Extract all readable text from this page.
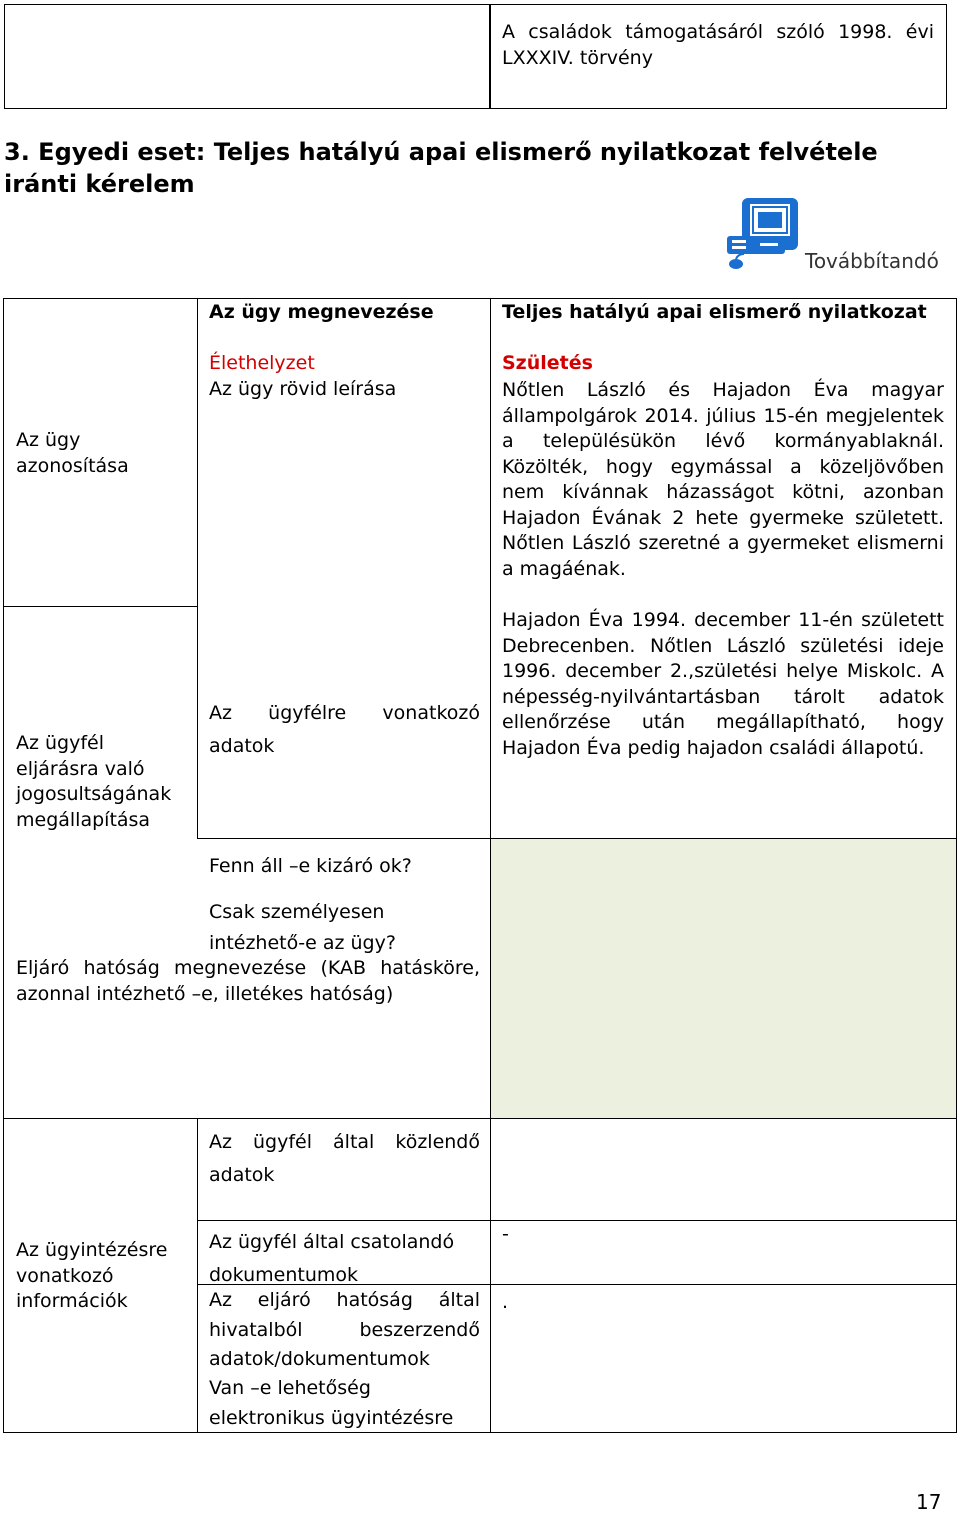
A családok támogatásáról szóló 1998. évi LXXXIV. törvény
3. Egyedi eset: Teljes hatályú apai elismerő nyilatkozat felvétele iránti kérelem
Továbbítandó
Az ügy azonosítása
Az ügyfél eljárásra való jogosultságának megállapítása
Az ügyintézésre vonatkozó információk
Az ügy megnevezése
Élethelyzet
Az ügy rövid leírása
Az ügyfélre vonatkozó adatok
Fenn áll –e kizáró ok?
Csak személyesen intézhető-e az ügy?
Eljáró hatóság megnevezése (KAB hatásköre, azonnal intézhető –e, illetékes hatóság)
Az ügyfél által közlendő adatok
Az ügyfél által csatolandó dokumentumok
Az eljáró hatóság által hivatalból beszerzendő adatok/dokumentumok
Van –e lehetőség elektronikus ügyintézésre
Teljes hatályú apai elismerő nyilatkozat
Születés
Nőtlen László és Hajadon Éva magyar állampolgárok 2014. július 15-én megjelentek a településükön lévő kormányablaknál. Közölték, hogy egymással a közeljövőben nem kívánnak házasságot kötni, azonban Hajadon Évának 2 hete gyermeke született. Nőtlen László szeretné a gyermeket elismerni a magáénak.
Hajadon Éva 1994. december 11-én született Debrecenben. Nőtlen László születési ideje 1996. december 2.,születési helye Miskolc. A népesség-nyilvántartásban tárolt adatok ellenőrzése után megállapítható, hogy Hajadon Éva pedig hajadon családi állapotú.
-
.
17
